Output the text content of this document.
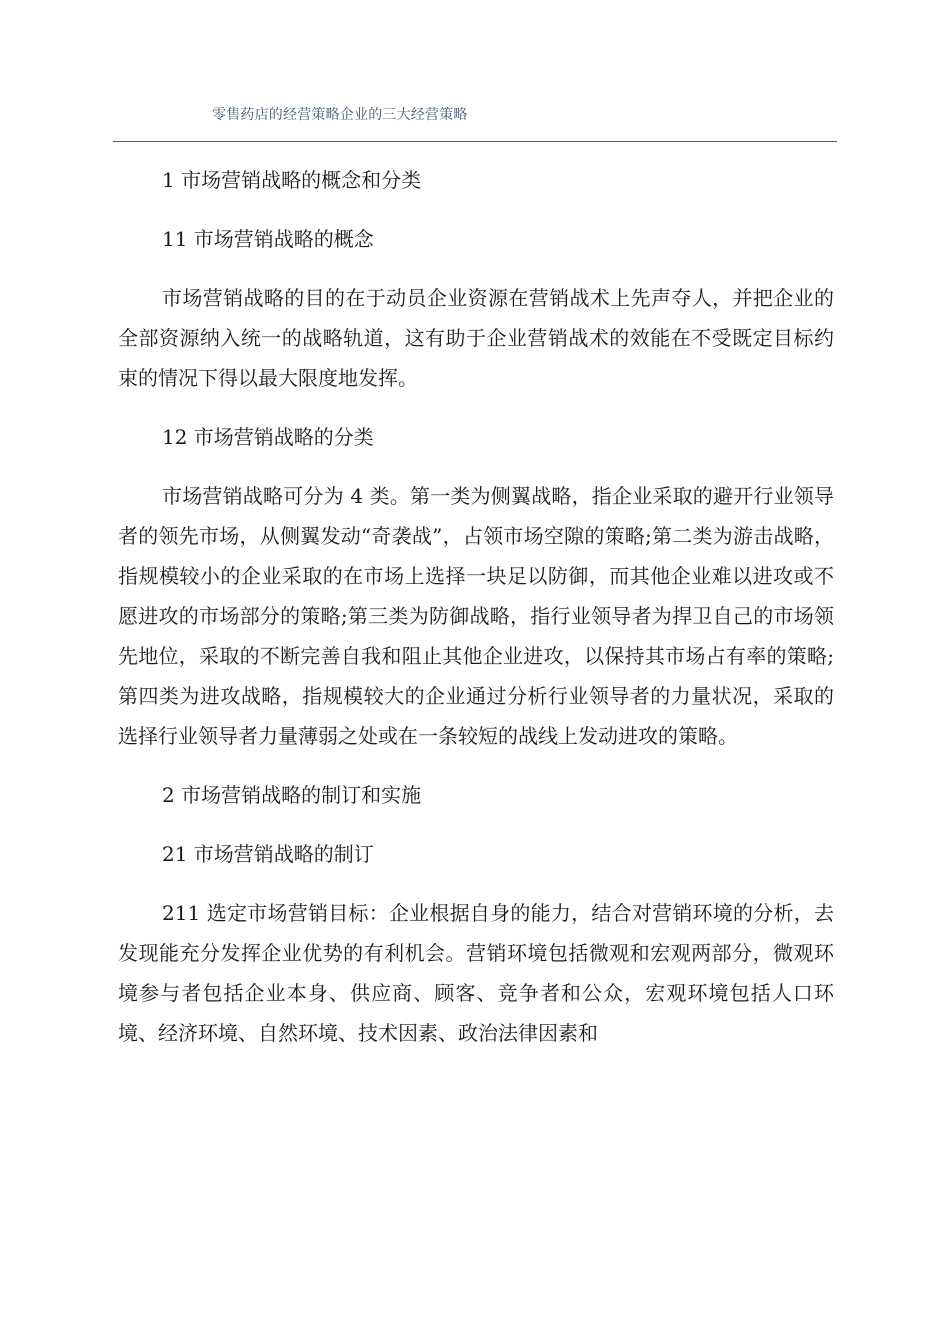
零售药店的经营策略企业的三大经营策略

1 市场营销战略的概念和分类

11 市场营销战略的概念

市场营销战略的目的在于动员企业资源在营销战术上先声夺人，并把企业的全部资源纳入统一的战略轨道，这有助于企业营销战术的效能在不受既定目标约束的情况下得以最大限度地发挥。

12 市场营销战略的分类

市场营销战略可分为 4 类。第一类为侧翼战略，指企业采取的避开行业领导者的领先市场，从侧翼发动“奇袭战”，占领市场空隙的策略;第二类为游击战略，指规模较小的企业采取的在市场上选择一块足以防御，而其他企业难以进攻或不愿进攻的市场部分的策略;第三类为防御战略，指行业领导者为捍卫自己的市场领先地位，采取的不断完善自我和阻止其他企业进攻，以保持其市场占有率的策略;第四类为进攻战略，指规模较大的企业通过分析行业领导者的力量状况，采取的选择行业领导者力量薄弱之处或在一条较短的战线上发动进攻的策略。

2 市场营销战略的制订和实施

21 市场营销战略的制订

211 选定市场营销目标：企业根据自身的能力，结合对营销环境的分析，去发现能充分发挥企业优势的有利机会。营销环境包括微观和宏观两部分，微观环境参与者包括企业本身、供应商、顾客、竞争者和公众，宏观环境包括人口环境、经济环境、自然环境、技术因素、政治法律因素和
